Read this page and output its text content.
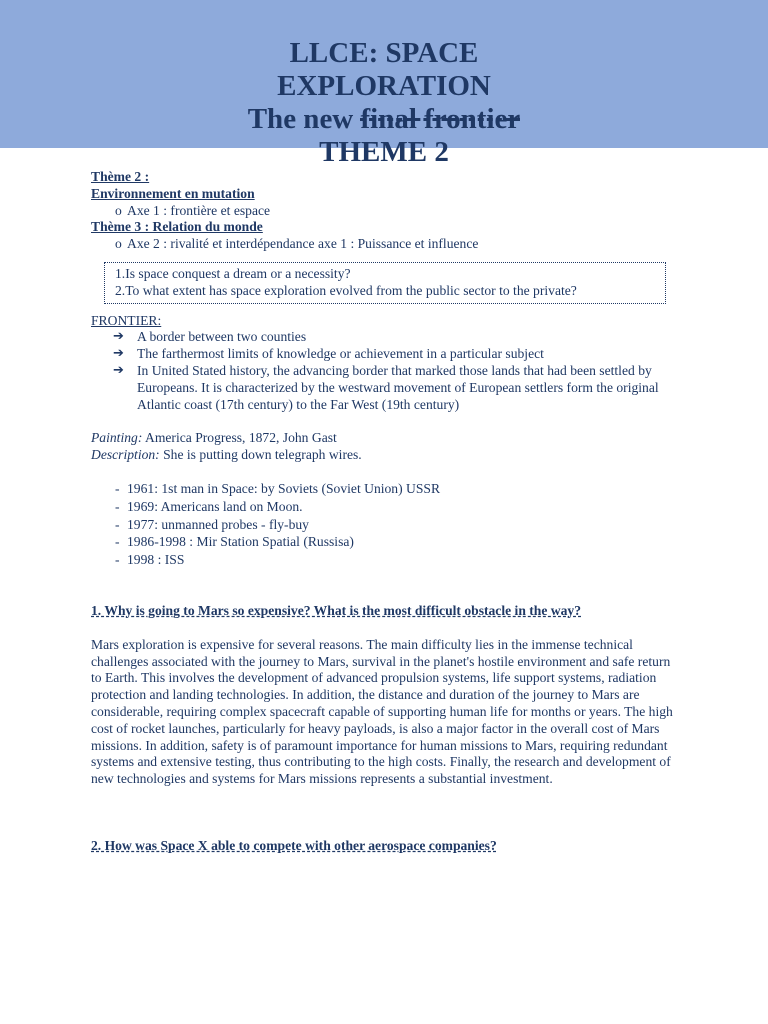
LLCE: SPACE
EXPLORATION
The new final frontier
THEME 2
Thème 2 :
Environnement en mutation
o Axe 1 : frontière et espace
Thème 3 : Relation du monde
o Axe 2 : rivalité et interdépendance axe 1 : Puissance et influence
1.Is space conquest a dream or a necessity?
2.To what extent has space exploration evolved from the public sector to the private?
FRONTIER:
➔ A border between two counties
➔ The farthermost limits of knowledge or achievement in a particular subject
➔ In United Stated history, the advancing border that marked those lands that had been settled by Europeans. It is characterized by the westward movement of European settlers form the original Atlantic coast (17th century) to the Far West (19th century)
Painting: America Progress, 1872, John Gast
Description: She is putting down telegraph wires.
- 1961: 1st man in Space: by Soviets (Soviet Union) USSR
- 1969: Americans land on Moon.
- 1977: unmanned probes - fly-buy
- 1986-1998 : Mir Station Spatial (Russisa)
- 1998 : ISS
1. Why is going to Mars so expensive? What is the most difficult obstacle in the way?

Mars exploration is expensive for several reasons. The main difficulty lies in the immense technical challenges associated with the journey to Mars, survival in the planet's hostile environment and safe return to Earth. This involves the development of advanced propulsion systems, life support systems, radiation protection and landing technologies. In addition, the distance and duration of the journey to Mars are considerable, requiring complex spacecraft capable of supporting human life for months or years. The high cost of rocket launches, particularly for heavy payloads, is also a major factor in the overall cost of Mars missions. In addition, safety is of paramount importance for human missions to Mars, requiring redundant systems and extensive testing, thus contributing to the high costs. Finally, the research and development of new technologies and systems for Mars missions represents a substantial investment.

2. How was Space X able to compete with other aerospace companies?
